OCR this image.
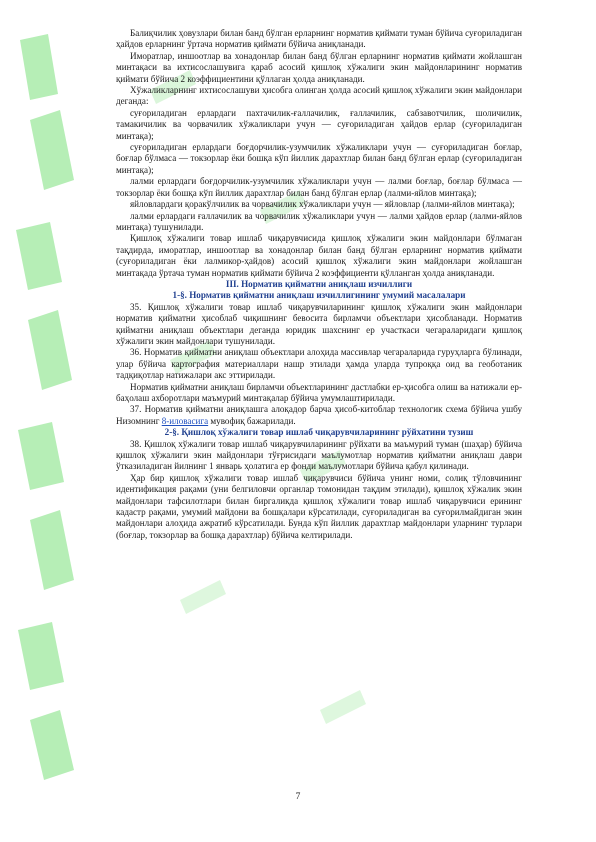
Балиқчилик ҳовузлари билан банд бўлган ерларнинг норматив қиймати туман бўйича суғориладиган ҳайдов ерларнинг ўртача норматив қиймати бўйича аниқланади.

Иморатлар, иншоотлар ва хонадонлар билан банд бўлган ерларнинг норматив қиймати жойлашган минтақаси ва ихтисослашувига қараб асосий қишлоқ хўжалиги экин майдонларининг норматив қиймати бўйича 2 коэффициентини қўллаган ҳолда аниқланади.

Хўжаликларнинг ихтисослашуви ҳисобга олинган ҳолда асосий қишлоқ хўжалиги экин майдонлари деганда:

суғориладиган ерлардаги пахтачилик-ғаллачилик, ғаллачилик, сабзавотчилик, шоличилик, тамакичилик ва чорвачилик хўжаликлари учун — суғориладиган ҳайдов ерлар (суғориладиган минтақа);

суғориладиган ерлардаги боғдорчилик-узумчилик хўжаликлари учун — суғориладиган боғлар, боғлар бўлмаса — токзорлар ёки бошқа кўп йиллик дарахтлар билан банд бўлган ерлар (суғориладиган минтақа);

лалми ерлардаги боғдорчилик-узумчилик хўжаликлари учун — лалми боғлар, боғлар бўлмаса — токзорлар ёки бошқа кўп йиллик дарахтлар билан банд бўлган ерлар (лалми-яйлов минтақа);

яйловлардаги қоракўлчилик ва чорвачилик хўжаликлари учун — яйловлар (лалми-яйлов минтақа);

лалми ерлардаги ғаллачилик ва чорвачилик хўжаликлари учун — лалми ҳайдов ерлар (лалми-яйлов минтақа) тушунилади.

Қишлоқ хўжалиги товар ишлаб чиқарувчисида қишлоқ хўжалиги экин майдонлари бўлмаган тақдирда, иморатлар, иншоотлар ва хонадонлар билан банд бўлган ерларнинг норматив қиймати (суғориладиган ёки лалмикор-ҳайдов) асосий қишлоқ хўжалиги экин майдонлари жойлашган минтақада ўртача туман норматив қиймати бўйича 2 коэффициенти қўлланган ҳолда аниқланади.

III. Норматив қийматни аниқлаш изчиллиги

1-§. Норматив қийматни аниқлаш изчиллигининг умумий масалалари

35. Қишлоқ хўжалиги товар ишлаб чиқарувчиларининг қишлоқ хўжалиги экин майдонлари норматив қийматни ҳисоблаб чиқишнинг бевосита бирламчи объектлари ҳисобланади. Норматив қийматни аниқлаш объектлари деганда юридик шахснинг ер участкаси чегараларидаги қишлоқ хўжалиги экин майдонлари тушунилади.

36. Норматив қийматни аниқлаш объектлари алоҳида массивлар чегараларида гуруҳларга бўлинади, улар бўйича картография материаллари нашр этилади ҳамда уларда тупроққа оид ва геоботаник тадқиқотлар натижалари акс эттирилади.

Норматив қийматни аниқлаш бирламчи объектларининг дастлабки ер-ҳисобга олиш ва натижали ер-баҳолаш ахборотлари маъмурий минтақалар бўйича умумлаштирилади.

37. Норматив қийматни аниқлашга алоқадор барча ҳисоб-китоблар технологик схема бўйича ушбу Низомнинг 8-иловасига мувофиқ бажарилади.

2-§. Қишлоқ хўжалиги товар ишлаб чиқарувчиларининг рўйхатини тузиш

38. Қишлоқ хўжалиги товар ишлаб чиқарувчиларининг рўйхати ва маъмурий туман (шаҳар) бўйича қишлоқ хўжалиги экин майдонлари тўғрисидаги маълумотлар норматив қийматни аниқлаш даври ўтказиладиган йилнинг 1 январь ҳолатига ер фонди маълумотлари бўйича қабул қилинади.

Ҳар бир қишлоқ хўжалиги товар ишлаб чиқарувчиси бўйича унинг номи, солиқ тўловчининг идентификация рақами (уни белгиловчи органлар томонидан тақдим этилади), қишлоқ хўжалик экин майдонлари тафсилотлари билан биргаликда қишлоқ хўжалиги товар ишлаб чиқарувчиси ерининг кадастр рақами, умумий майдони ва бошқалари кўрсатилади, суғориладиган ва суғорилмайдиган экин майдонлари алоҳида ажратиб кўрсатилади. Бунда кўп йиллик дарахтлар майдонлари уларнинг турлари (боғлар, токзорлар ва бошқа дарахтлар) бўйича келтирилади.

7
